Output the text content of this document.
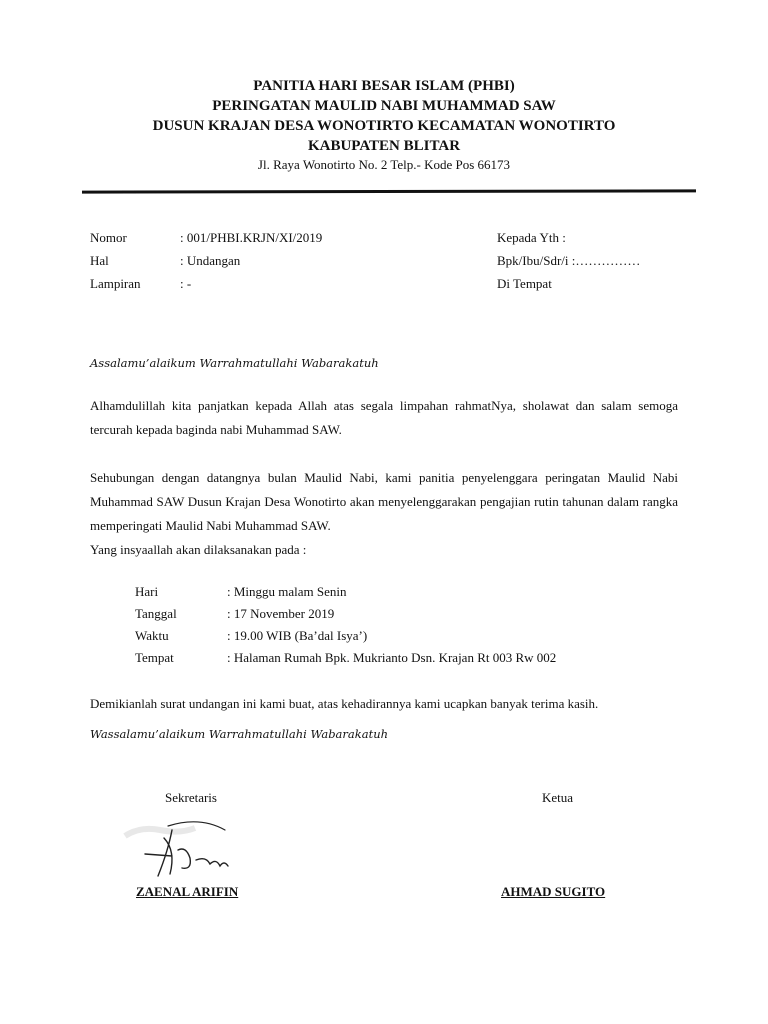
PANITIA HARI BESAR ISLAM (PHBI)
PERINGATAN MAULID NABI MUHAMMAD SAW
DUSUN KRAJAN DESA WONOTIRTO KECAMATAN WONOTIRTO
KABUPATEN BLITAR
Jl. Raya Wonotirto No. 2 Telp.- Kode Pos 66173
Nomor	: 001/PHBI.KRJN/XI/2019
Hal	: Undangan
Lampiran	: -
Kepada Yth :
Bpk/Ibu/Sdr/i :……………
Di Tempat
Assalamu’alaikum Warrahmatullahi Wabarakatuh
Alhamdulillah kita panjatkan kepada Allah atas segala limpahan rahmatNya, sholawat dan salam semoga tercurah kepada baginda nabi Muhammad SAW.
Sehubungan dengan datangnya bulan Maulid Nabi, kami panitia penyelenggara peringatan Maulid Nabi Muhammad SAW Dusun Krajan Desa Wonotirto akan menyelenggarakan pengajian rutin tahunan dalam rangka memperingati Maulid Nabi Muhammad SAW.
Yang insyaallah akan dilaksanakan pada :
Hari	: Minggu malam Senin
Tanggal	: 17 November 2019
Waktu	: 19.00 WIB (Ba’dal Isya’)
Tempat	: Halaman Rumah Bpk. Mukrianto Dsn. Krajan Rt 003 Rw 002
Demikianlah surat undangan ini kami buat, atas kehadirannya kami ucapkan banyak terima kasih.
Wassalamu’alaikum Warrahmatullahi Wabarakatuh
Sekretaris	Ketua
ZAENAL ARIFIN	AHMAD SUGITO
